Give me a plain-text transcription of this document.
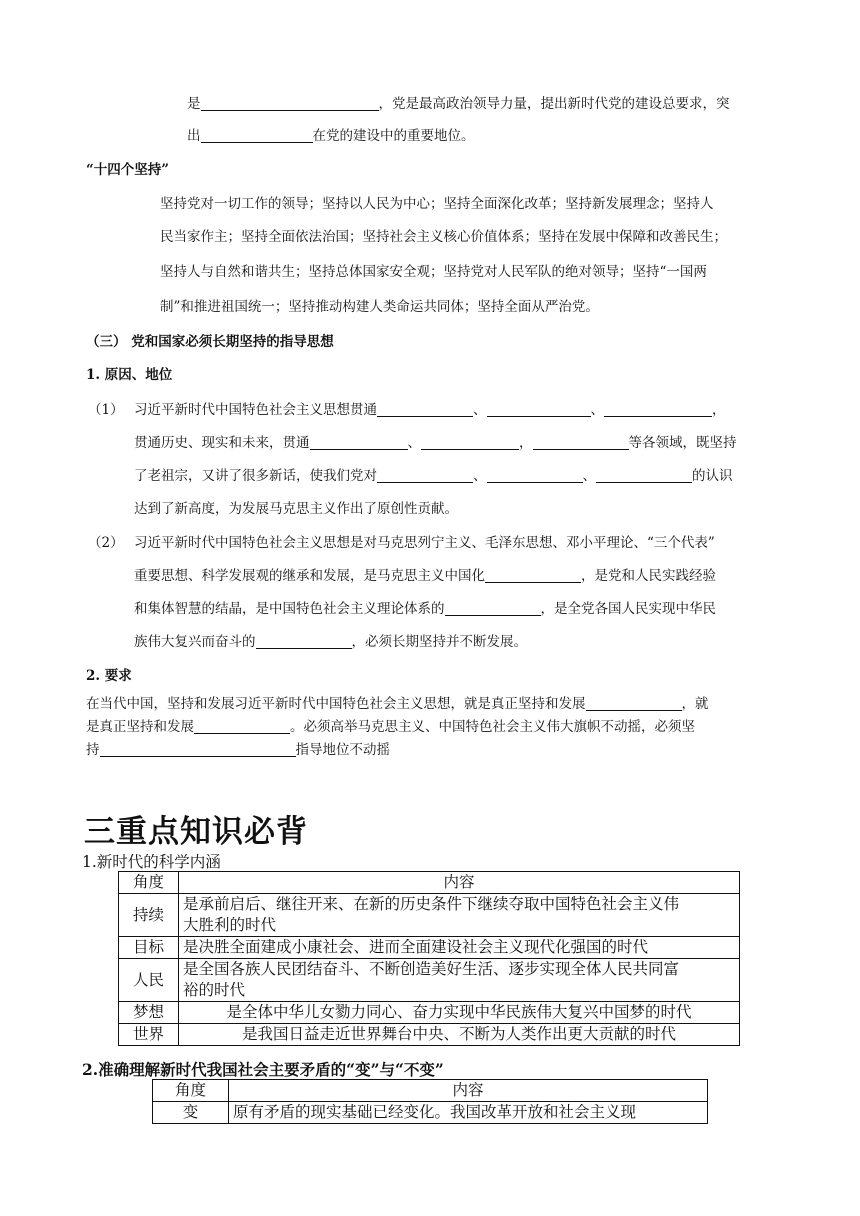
是	，党是最高政治领导力量，提出新时代党的建设总要求，突
出	在党的建设中的重要地位。
“十四个坚持”
坚持党对一切工作的领导；坚持以人民为中心；坚持全面深化改革；坚持新发展理念；坚持人
民当家作主；坚持全面依法治国；坚持社会主义核心价值体系；坚持在发展中保障和改善民生；
坚持人与自然和谐共生；坚持总体国家安全观；坚持党对人民军队的绝对领导；坚持“一国两
制”和推进祖国统一；坚持推动构建人类命运共同体；坚持全面从严治党。
（三） 党和国家必须长期坚持的指导思想
1. 原因、地位
（1） 习近平新时代中国特色社会主义思想贯通	、	、	，
贯通历史、现实和未来，贯通	、	，	等各领域，既坚持
了老祖宗，又讲了很多新话，使我们党对	、	、	的认识
达到了新高度，为发展马克思主义作出了原创性贡献。
（2） 习近平新时代中国特色社会主义思想是对马克思列宁主义、毛泽东思想、邓小平理论、“三个代表”
重要思想、科学发展观的继承和发展，是马克思主义中国化	，是党和人民实践经验
和集体智慧的结晶，是中国特色社会主义理论体系的	，是全党各国人民实现中华民
族伟大复兴而奋斗的	，必须长期坚持并不断发展。
2. 要求
在当代中国，坚持和发展习近平新时代中国特色社会主义思想，就是真正坚持和发展	，就
是真正坚持和发展	。必须高举马克思主义、中国特色社会主义伟大旗帜不动摇，必须坚
持	指导地位不动摇
三重点知识必背
1.新时代的科学内涵
角度	内容
持续	是承前启后、继往开来、在新的历史条件下继续夺取中国特色社会主义伟
大胜利的时代

目标	是决胜全面建成小康社会、进而全面建设社会主义现代化强国的时代
人民	是全国各族人民团结奋斗、不断创造美好生活、逐步实现全体人民共同富
裕的时代

梦想	是全体中华儿女勠力同心、奋力实现中华民族伟大复兴中国梦的时代
世界	是我国日益走近世界舞台中央、不断为人类作出更大贡献的时代
2.准确理解新时代我国社会主要矛盾的“变”与“不变”
角度	内容
变	原有矛盾的现实基础已经变化。我国改革开放和社会主义现
